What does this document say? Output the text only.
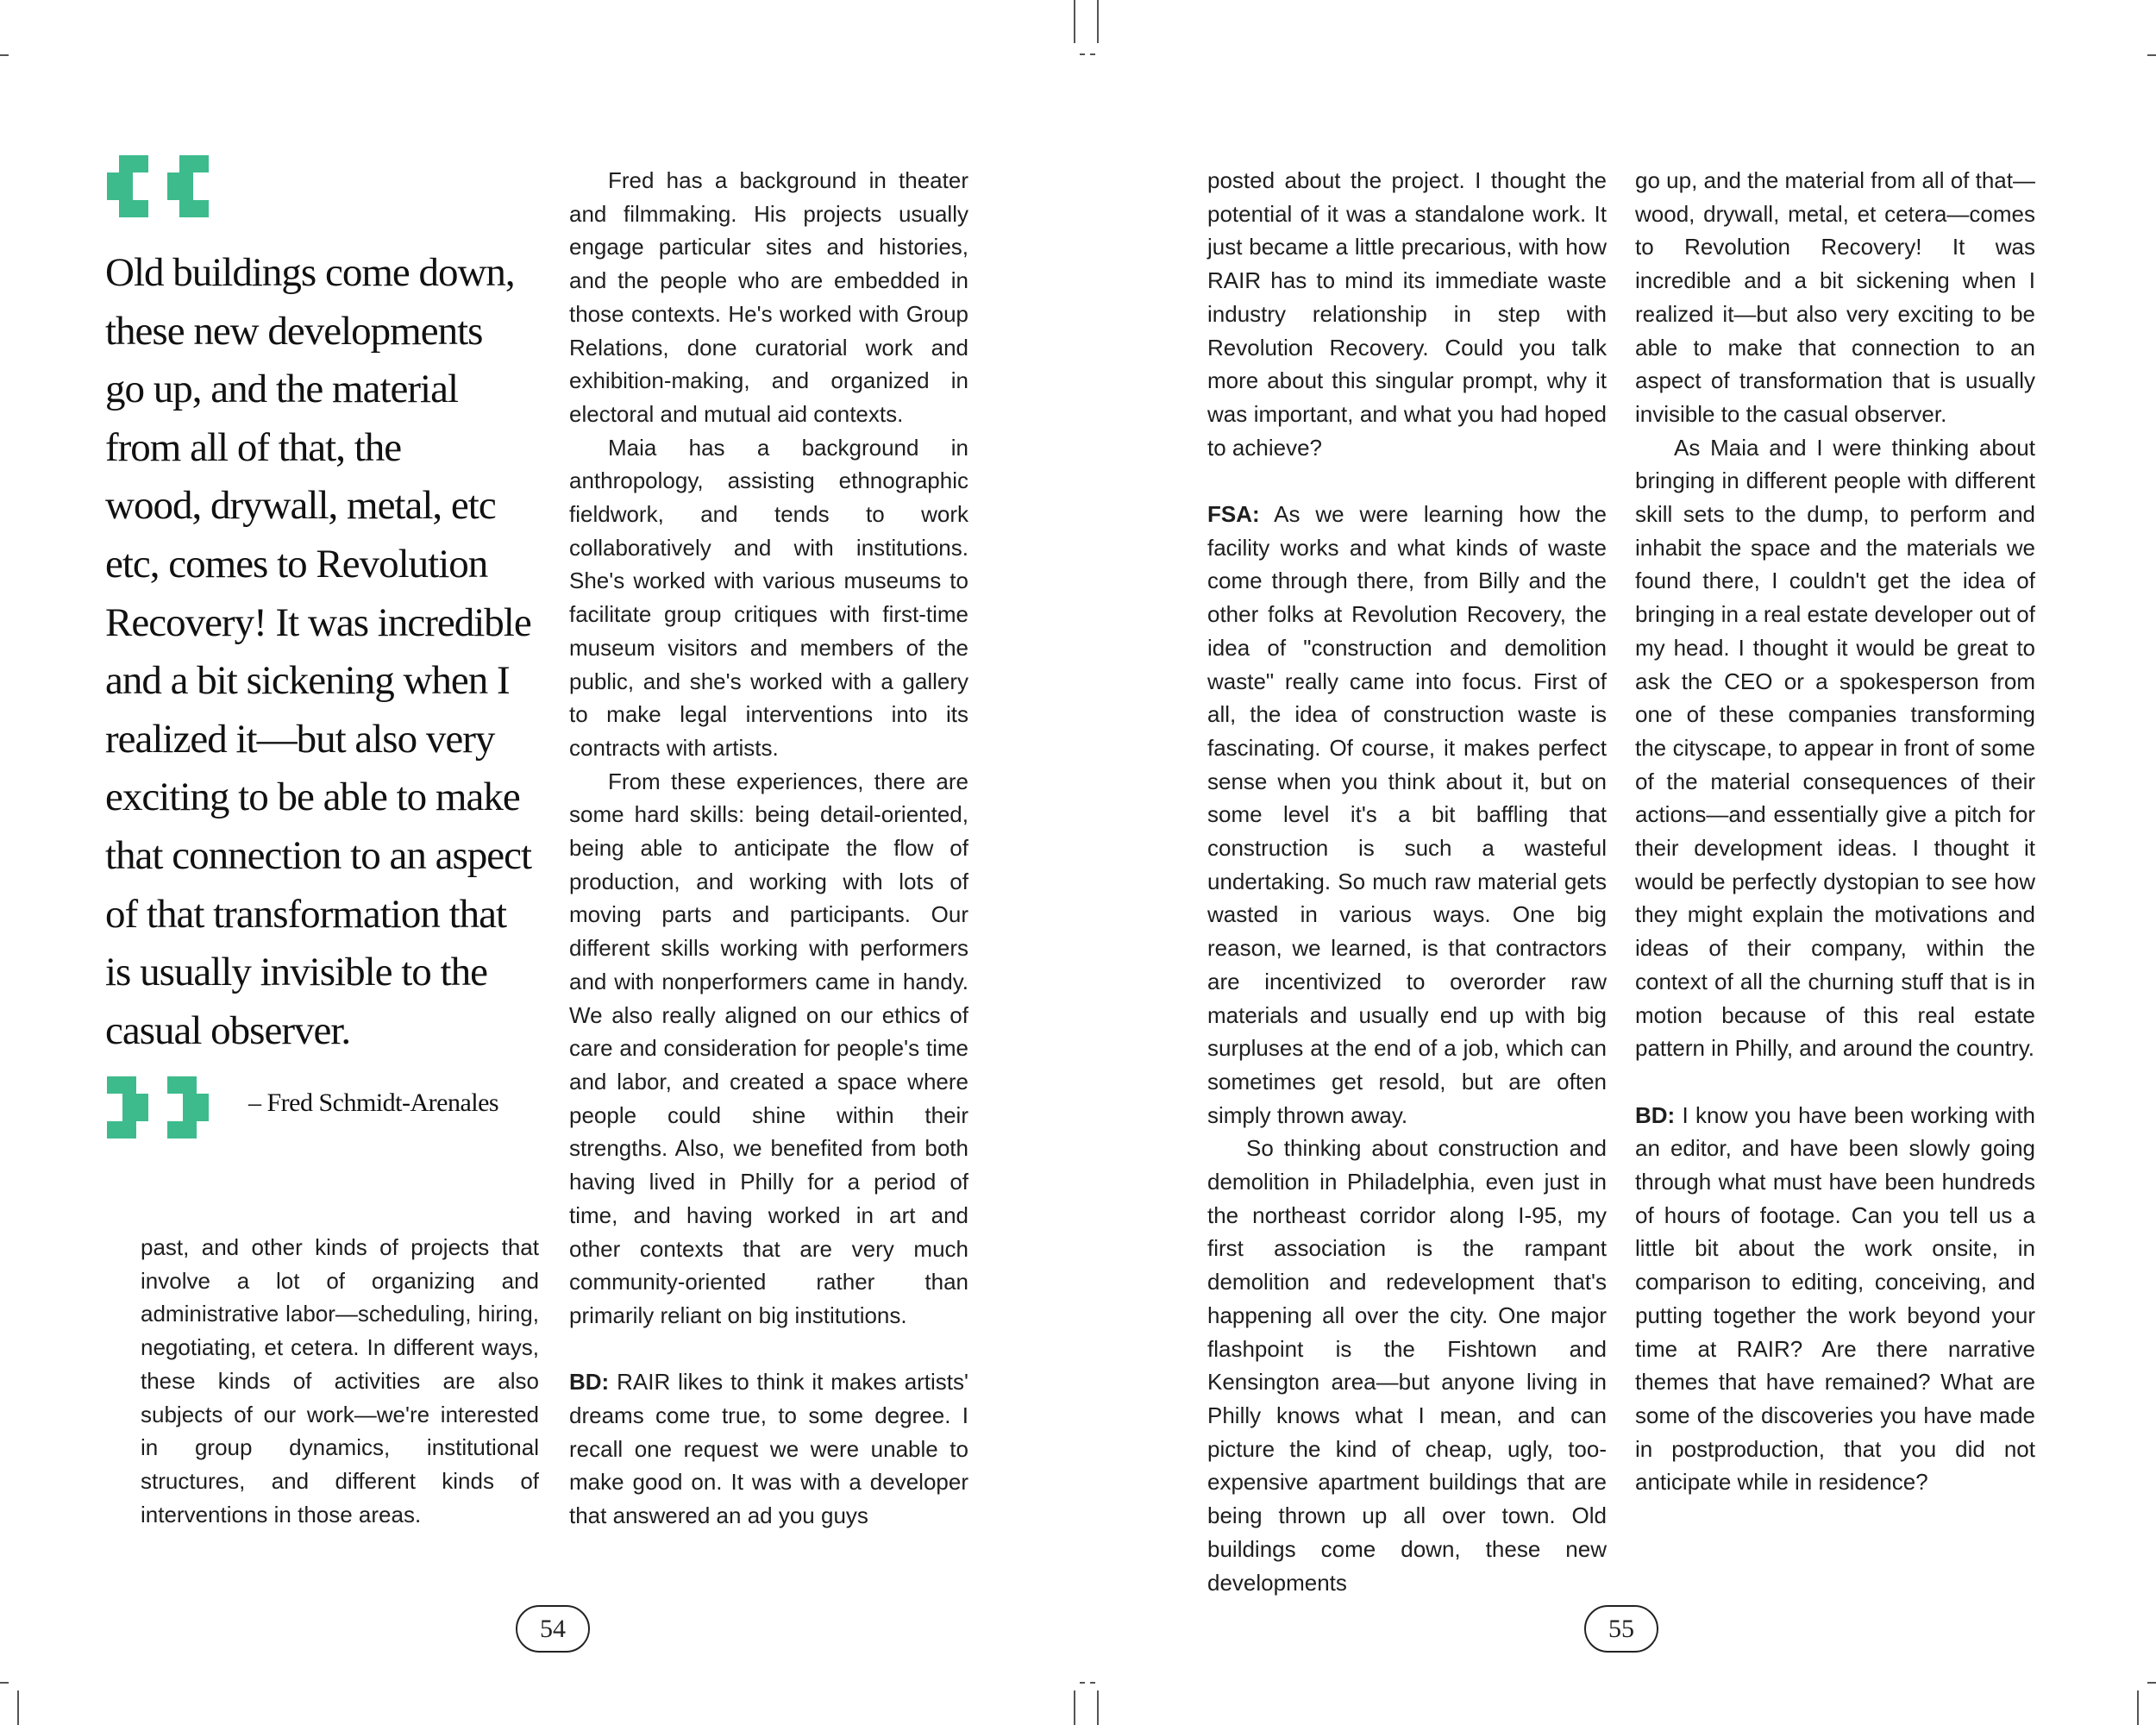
Old buildings come down,
these new developments
go up, and the material
from all of that, the
wood, drywall, metal, etc
etc, comes to Revolution
Recovery! It was incredible
and a bit sickening when I
realized it—but also very
exciting to be able to make
that connection to an aspect
of that transformation that
is usually invisible to the
casual observer.
– Fred Schmidt-Arenales

past, and other kinds of projects that involve a lot of organizing and administrative labor—scheduling, hiring, negotiating, et cetera. In different ways, these kinds of activities are also subjects of our work—we're interested in group dynamics, institutional structures, and different kinds of interventions in those areas.

Fred has a background in theater and filmmaking. His projects usually engage particular sites and histories, and the people who are embedded in those contexts. He's worked with Group Relations, done curatorial work and exhibition-making, and organized in electoral and mutual aid contexts.

Maia has a background in anthropology, assisting ethnographic fieldwork, and tends to work collaboratively and with institutions. She's worked with various museums to facilitate group critiques with first-time museum visitors and members of the public, and she's worked with a gallery to make legal interventions into its contracts with artists.

From these experiences, there are some hard skills: being detail-oriented, being able to anticipate the flow of production, and working with lots of moving parts and participants. Our different skills working with performers and with nonperformers came in handy. We also really aligned on our ethics of care and consideration for people's time and labor, and created a space where people could shine within their strengths. Also, we benefited from both having lived in Philly for a period of time, and having worked in art and other contexts that are very much community-oriented rather than primarily reliant on big institutions.

BD: RAIR likes to think it makes artists' dreams come true, to some degree. I recall one request we were unable to make good on. It was with a developer that answered an ad you guys

54

posted about the project. I thought the potential of it was a standalone work. It just became a little precarious, with how RAIR has to mind its immediate waste industry relationship in step with Revolution Recovery. Could you talk more about this singular prompt, why it was important, and what you had hoped to achieve?

FSA: As we were learning how the facility works and what kinds of waste come through there, from Billy and the other folks at Revolution Recovery, the idea of "construction and demolition waste" really came into focus. First of all, the idea of construction waste is fascinating. Of course, it makes perfect sense when you think about it, but on some level it's a bit baffling that construction is such a wasteful undertaking. So much raw material gets wasted in various ways. One big reason, we learned, is that contractors are incentivized to overorder raw materials and usually end up with big surpluses at the end of a job, which can sometimes get resold, but are often simply thrown away.

So thinking about construction and demolition in Philadelphia, even just in the northeast corridor along I-95, my first association is the rampant demolition and redevelopment that's happening all over the city. One major flashpoint is the Fishtown and Kensington area—but anyone living in Philly knows what I mean, and can picture the kind of cheap, ugly, too-expensive apartment buildings that are being thrown up all over town. Old buildings come down, these new developments

go up, and the material from all of that—wood, drywall, metal, et cetera—comes to Revolution Recovery! It was incredible and a bit sickening when I realized it—but also very exciting to be able to make that connection to an aspect of transformation that is usually invisible to the casual observer.

As Maia and I were thinking about bringing in different people with different skill sets to the dump, to perform and inhabit the space and the materials we found there, I couldn't get the idea of bringing in a real estate developer out of my head. I thought it would be great to ask the CEO or a spokesperson from one of these companies transforming the cityscape, to appear in front of some of the material consequences of their actions—and essentially give a pitch for their development ideas. I thought it would be perfectly dystopian to see how they might explain the motivations and ideas of their company, within the context of all the churning stuff that is in motion because of this real estate pattern in Philly, and around the country.

BD: I know you have been working with an editor, and have been slowly going through what must have been hundreds of hours of footage. Can you tell us a little bit about the work onsite, in comparison to editing, conceiving, and putting together the work beyond your time at RAIR? Are there narrative themes that have remained? What are some of the discoveries you have made in postproduction, that you did not anticipate while in residence?

55
